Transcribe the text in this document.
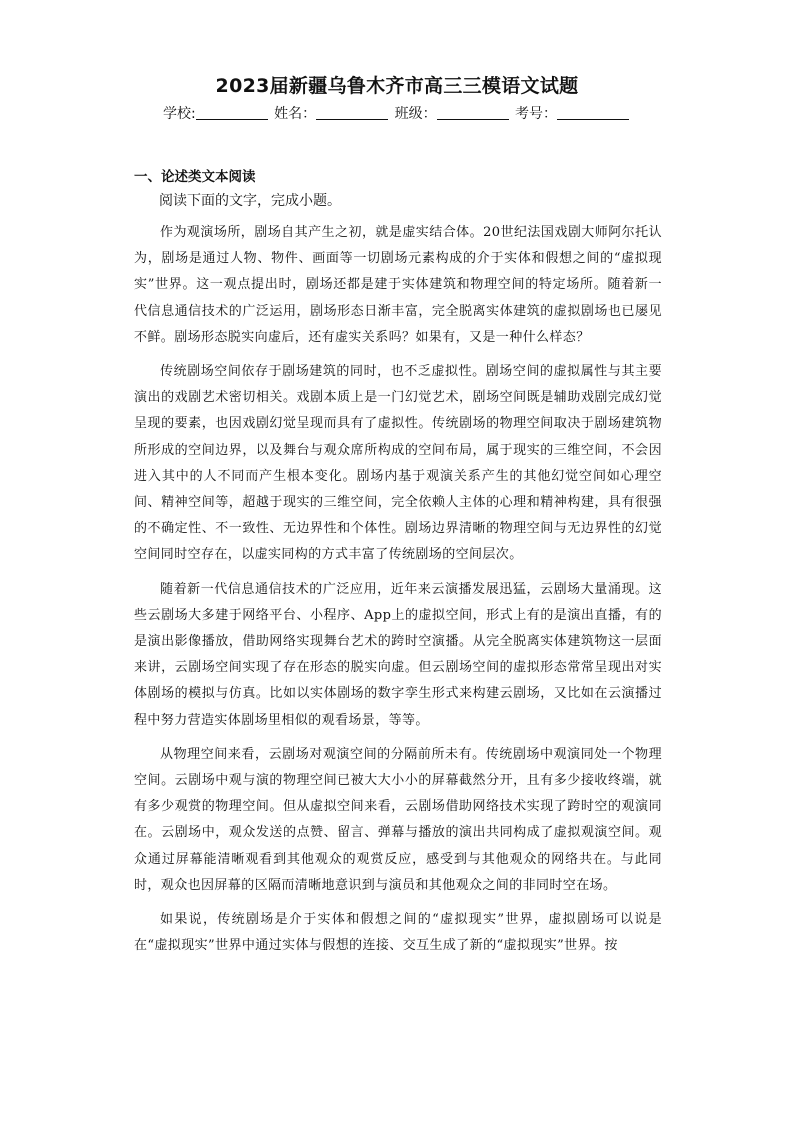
2023届新疆乌鲁木齐市高三三模语文试题
学校:	姓名：	班级：	考号：
一、论述类文本阅读
阅读下面的文字，完成小题。

作为观演场所，剧场自其产生之初，就是虚实结合体。20世纪法国戏剧大师阿尔托认为，剧场是通过人物、物件、画面等一切剧场元素构成的介于实体和假想之间的“虚拟现实”世界。这一观点提出时，剧场还都是建于实体建筑和物理空间的特定场所。随着新一代信息通信技术的广泛运用，剧场形态日渐丰富，完全脱离实体建筑的虚拟剧场也已屡见不鲜。剧场形态脱实向虚后，还有虚实关系吗？如果有，又是一种什么样态？

传统剧场空间依存于剧场建筑的同时，也不乏虚拟性。剧场空间的虚拟属性与其主要演出的戏剧艺术密切相关。戏剧本质上是一门幻觉艺术，剧场空间既是辅助戏剧完成幻觉呈现的要素，也因戏剧幻觉呈现而具有了虚拟性。传统剧场的物理空间取决于剧场建筑物所形成的空间边界，以及舞台与观众席所构成的空间布局，属于现实的三维空间，不会因进入其中的人不同而产生根本变化。剧场内基于观演关系产生的其他幻觉空间如心理空间、精神空间等，超越于现实的三维空间，完全依赖人主体的心理和精神构建，具有很强的不确定性、不一致性、无边界性和个体性。剧场边界清晰的物理空间与无边界性的幻觉空间同时空存在，以虚实同构的方式丰富了传统剧场的空间层次。

随着新一代信息通信技术的广泛应用，近年来云演播发展迅猛，云剧场大量涌现。这些云剧场大多建于网络平台、小程序、App上的虚拟空间，形式上有的是演出直播，有的是演出影像播放，借助网络实现舞台艺术的跨时空演播。从完全脱离实体建筑物这一层面来讲，云剧场空间实现了存在形态的脱实向虚。但云剧场空间的虚拟形态常常呈现出对实体剧场的模拟与仿真。比如以实体剧场的数字孪生形式来构建云剧场，又比如在云演播过程中努力营造实体剧场里相似的观看场景，等等。

从物理空间来看，云剧场对观演空间的分隔前所未有。传统剧场中观演同处一个物理空间。云剧场中观与演的物理空间已被大大小小的屏幕截然分开，且有多少接收终端，就有多少观赏的物理空间。但从虚拟空间来看，云剧场借助网络技术实现了跨时空的观演同在。云剧场中，观众发送的点赞、留言、弹幕与播放的演出共同构成了虚拟观演空间。观众通过屏幕能清晰观看到其他观众的观赏反应，感受到与其他观众的网络共在。与此同时，观众也因屏幕的区隔而清晰地意识到与演员和其他观众之间的非同时空在场。

如果说，传统剧场是介于实体和假想之间的“虚拟现实”世界，虚拟剧场可以说是在“虚拟现实”世界中通过实体与假想的连接、交互生成了新的“虚拟现实”世界。按
